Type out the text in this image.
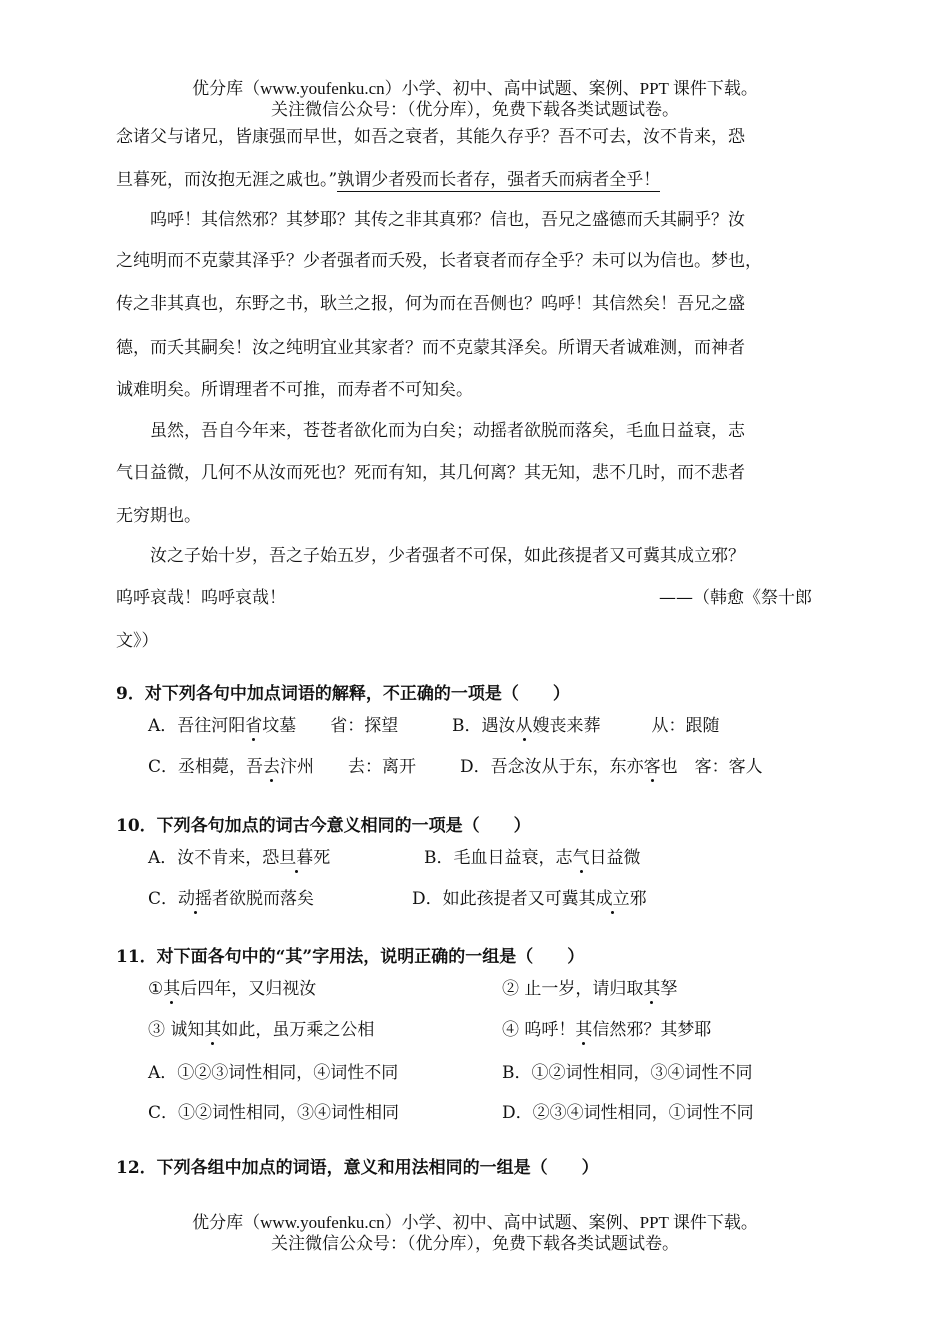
优分库（www.youfenku.cn）小学、初中、高中试题、案例、PPT 课件下载。
关注微信公众号：（优分库），免费下载各类试题试卷。
念诸父与诸兄，皆康强而早世，如吾之衰者，其能久存乎？吾不可去，汝不肯来，恐
旦暮死，而汝抱无涯之戚也。”孰谓少者殁而长者存，强者夭而病者全乎！
呜呼！其信然邪？其梦耶？其传之非其真邪？信也，吾兄之盛德而夭其嗣乎？汝
之纯明而不克蒙其泽乎？少者强者而夭殁，长者衰者而存全乎？未可以为信也。梦也，
传之非其真也，东野之书，耿兰之报，何为而在吾侧也？呜呼！其信然矣！吾兄之盛
德，而夭其嗣矣！汝之纯明宜业其家者？而不克蒙其泽矣。所谓天者诚难测，而神者
诚难明矣。所谓理者不可推，而寿者不可知矣。
虽然，吾自今年来，苍苍者欲化而为白矣；动摇者欲脱而落矣，毛血日益衰，志
气日益微，几何不从汝而死也？死而有知，其几何离？其无知，悲不几时，而不悲者
无穷期也。
汝之子始十岁，吾之子始五岁，少者强者不可保，如此孩提者又可冀其成立邪？
呜呼哀哉！呜呼哀哉！	——（韩愈《祭十郎
文》）
9．对下列各句中加点词语的解释，不正确的一项是（　　）
A．吾往河阳省坟墓　　省：探望	B．遇汝从嫂丧来葬　　　从：跟随
C．丞相薨，吾去汴州　　去：离开	D．吾念汝从于东，东亦客也　客：客人
10．下列各句加点的词古今意义相同的一项是（　　）
A．汝不肯来，恐旦暮死	B．毛血日益衰，志气日益微
C．动摇者欲脱而落矣	D．如此孩提者又可冀其成立邪
11．对下面各句中的“其”字用法，说明正确的一组是（　　）
①其后四年，又归视汝	② 止一岁，请归取其孥
③ 诚知其如此，虽万乘之公相	④ 呜呼！其信然邪？其梦耶
A．①②③词性相同，④词性不同	B．①②词性相同，③④词性不同
C．①②词性相同，③④词性相同	D．②③④词性相同，①词性不同
12．下列各组中加点的词语，意义和用法相同的一组是（　　）
优分库（www.youfenku.cn）小学、初中、高中试题、案例、PPT 课件下载。
关注微信公众号：（优分库），免费下载各类试题试卷。
